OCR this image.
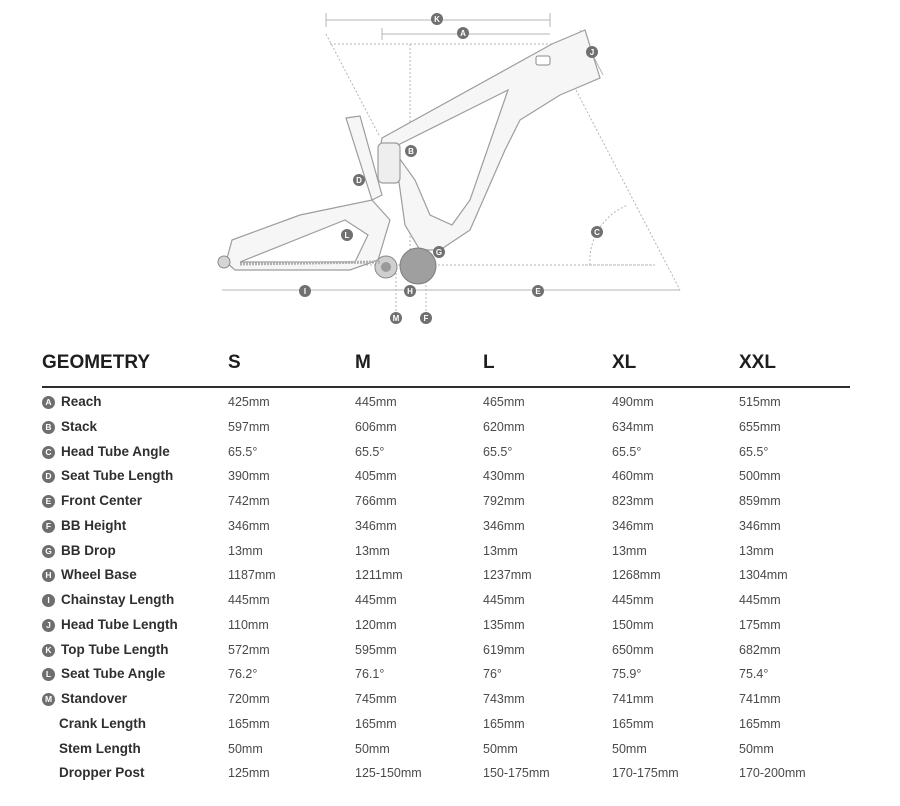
K
A
J
B
D
L
G
C
I	E
H
M	F
GEOMETRY	S	M	L	XL	XXL
A Reach	425mm	445mm	465mm	490mm	515mm
B Stack	597mm	606mm	620mm	634mm	655mm
C Head Tube Angle	65.5°	65.5°	65.5°	65.5°	65.5°
D Seat Tube Length	390mm	405mm	430mm	460mm	500mm
E Front Center	742mm	766mm	792mm	823mm	859mm
F BB Height	346mm	346mm	346mm	346mm	346mm
G BB Drop	13mm	13mm	13mm	13mm	13mm
H Wheel Base	1187mm	1211mm	1237mm	1268mm	1304mm
I Chainstay Length	445mm	445mm	445mm	445mm	445mm
J Head Tube Length	110mm	120mm	135mm	150mm	175mm
K Top Tube Length	572mm	595mm	619mm	650mm	682mm
L Seat Tube Angle	76.2°	76.1°	76°	75.9°	75.4°
M Standover	720mm	745mm	743mm	741mm	741mm
Crank Length	165mm	165mm	165mm	165mm	165mm
Stem Length	50mm	50mm	50mm	50mm	50mm
Dropper Post	125mm	125-150mm	150-175mm	170-175mm	170-200mm
